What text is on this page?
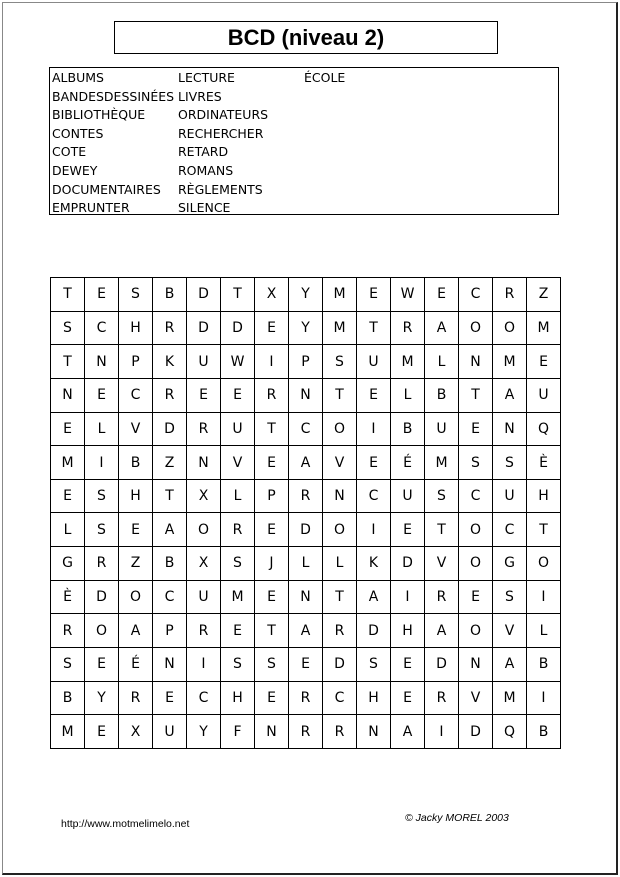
BCD (niveau 2)
ALBUMS
BANDESDESSINÉES
BIBLIOTHÈQUE
CONTES
COTE
DEWEY
DOCUMENTAIRES
EMPRUNTER
LECTURE
LIVRES
ORDINATEURS
RECHERCHER
RETARD
ROMANS
RÈGLEMENTS
SILENCE
ÉCOLE
T	E	S	B	D	T	X	Y	M	E	W	E	C	R	Z
S	C	H	R	D	D	E	Y	M	T	R	A	O	O	M
T	N	P	K	U	W	I	P	S	U	M	L	N	M	E
N	E	C	R	E	E	R	N	T	E	L	B	T	A	U
E	L	V	D	R	U	T	C	O	I	B	U	E	N	Q
M	I	B	Z	N	V	E	A	V	E	É	M	S	S	È
E	S	H	T	X	L	P	R	N	C	U	S	C	U	H
L	S	E	A	O	R	E	D	O	I	E	T	O	C	T
G	R	Z	B	X	S	J	L	L	K	D	V	O	G	O
È	D	O	C	U	M	E	N	T	A	I	R	E	S	I
R	O	A	P	R	E	T	A	R	D	H	A	O	V	L
S	E	É	N	I	S	S	E	D	S	E	D	N	A	B
B	Y	R	E	C	H	E	R	C	H	E	R	V	M	I
M	E	X	U	Y	F	N	R	R	N	A	I	D	Q	B
http://www.motmelimelo.net	© Jacky MOREL 2003
